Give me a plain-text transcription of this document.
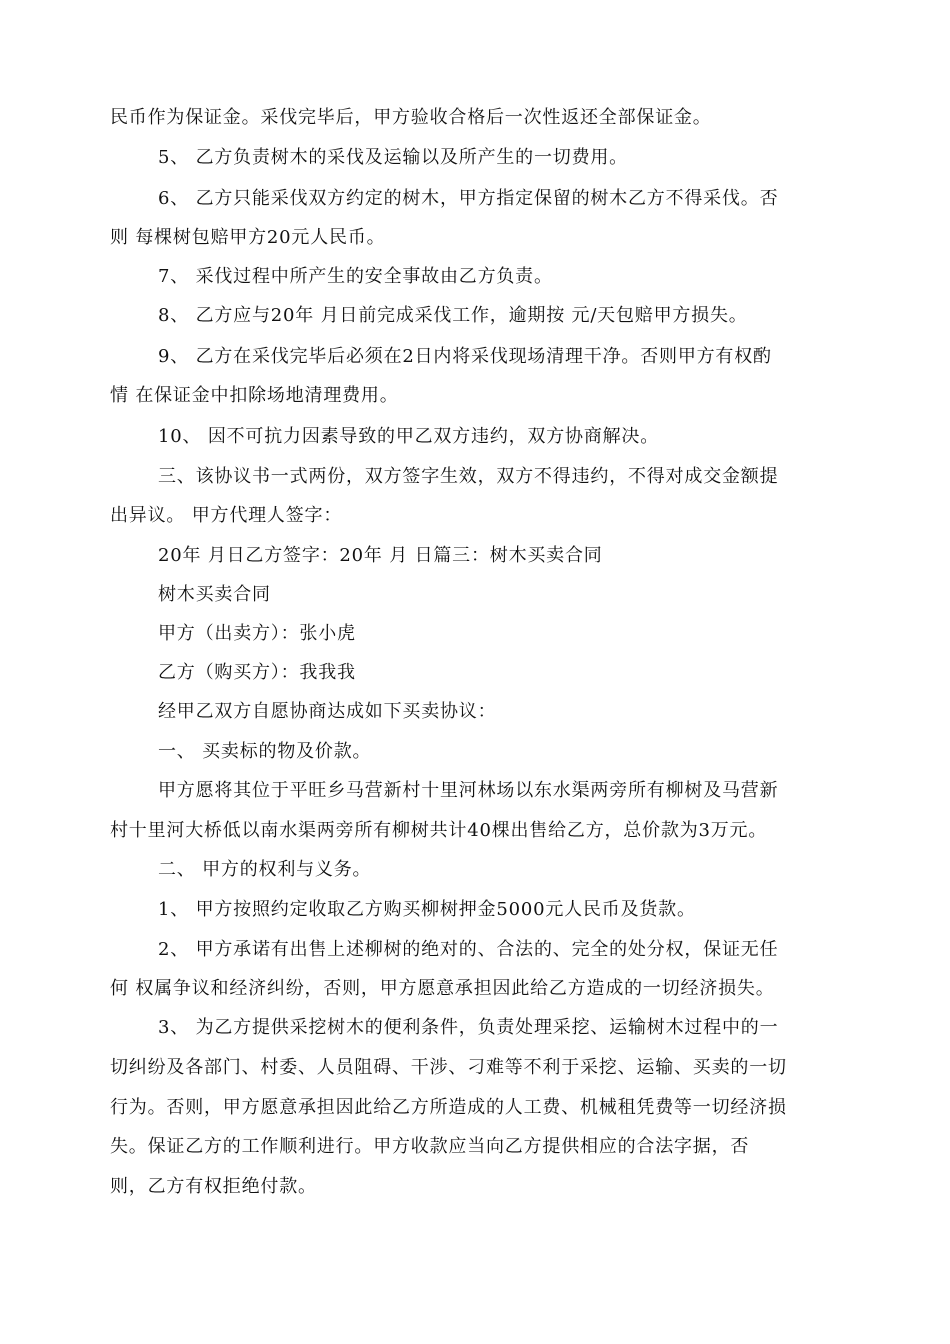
民币作为保证金。采伐完毕后，甲方验收合格后一次性返还全部保证金。
5、 乙方负责树木的采伐及运输以及所产生的一切费用。
6、 乙方只能采伐双方约定的树木，甲方指定保留的树木乙方不得采伐。否
则 每棵树包赔甲方20元人民币。
7、 采伐过程中所产生的安全事故由乙方负责。
8、 乙方应与20年 月日前完成采伐工作，逾期按 元/天包赔甲方损失。
9、 乙方在采伐完毕后必须在2日内将采伐现场清理干净。否则甲方有权酌
情 在保证金中扣除场地清理费用。
10、 因不可抗力因素导致的甲乙双方违约，双方协商解决。
三、该协议书一式两份，双方签字生效，双方不得违约，不得对成交金额提
出异议。 甲方代理人签字：
20年 月日乙方签字：20年 月 日篇三：树木买卖合同
树木买卖合同
甲方（出卖方）：张小虎
乙方（购买方）：我我我
经甲乙双方自愿协商达成如下买卖协议：
一、 买卖标的物及价款。
甲方愿将其位于平旺乡马营新村十里河林场以东水渠两旁所有柳树及马营新
村十里河大桥低以南水渠两旁所有柳树共计40棵出售给乙方，总价款为3万元。
二、 甲方的权利与义务。
1、 甲方按照约定收取乙方购买柳树押金5000元人民币及货款。
2、 甲方承诺有出售上述柳树的绝对的、合法的、完全的处分权，保证无任
何 权属争议和经济纠纷，否则，甲方愿意承担因此给乙方造成的一切经济损失。
3、 为乙方提供采挖树木的便利条件，负责处理采挖、运输树木过程中的一
切纠纷及各部门、村委、人员阻碍、干涉、刁难等不利于采挖、运输、买卖的一切
行为。否则，甲方愿意承担因此给乙方所造成的人工费、机械租凭费等一切经济损
失。保证乙方的工作顺利进行。甲方收款应当向乙方提供相应的合法字据，否
则，乙方有权拒绝付款。
